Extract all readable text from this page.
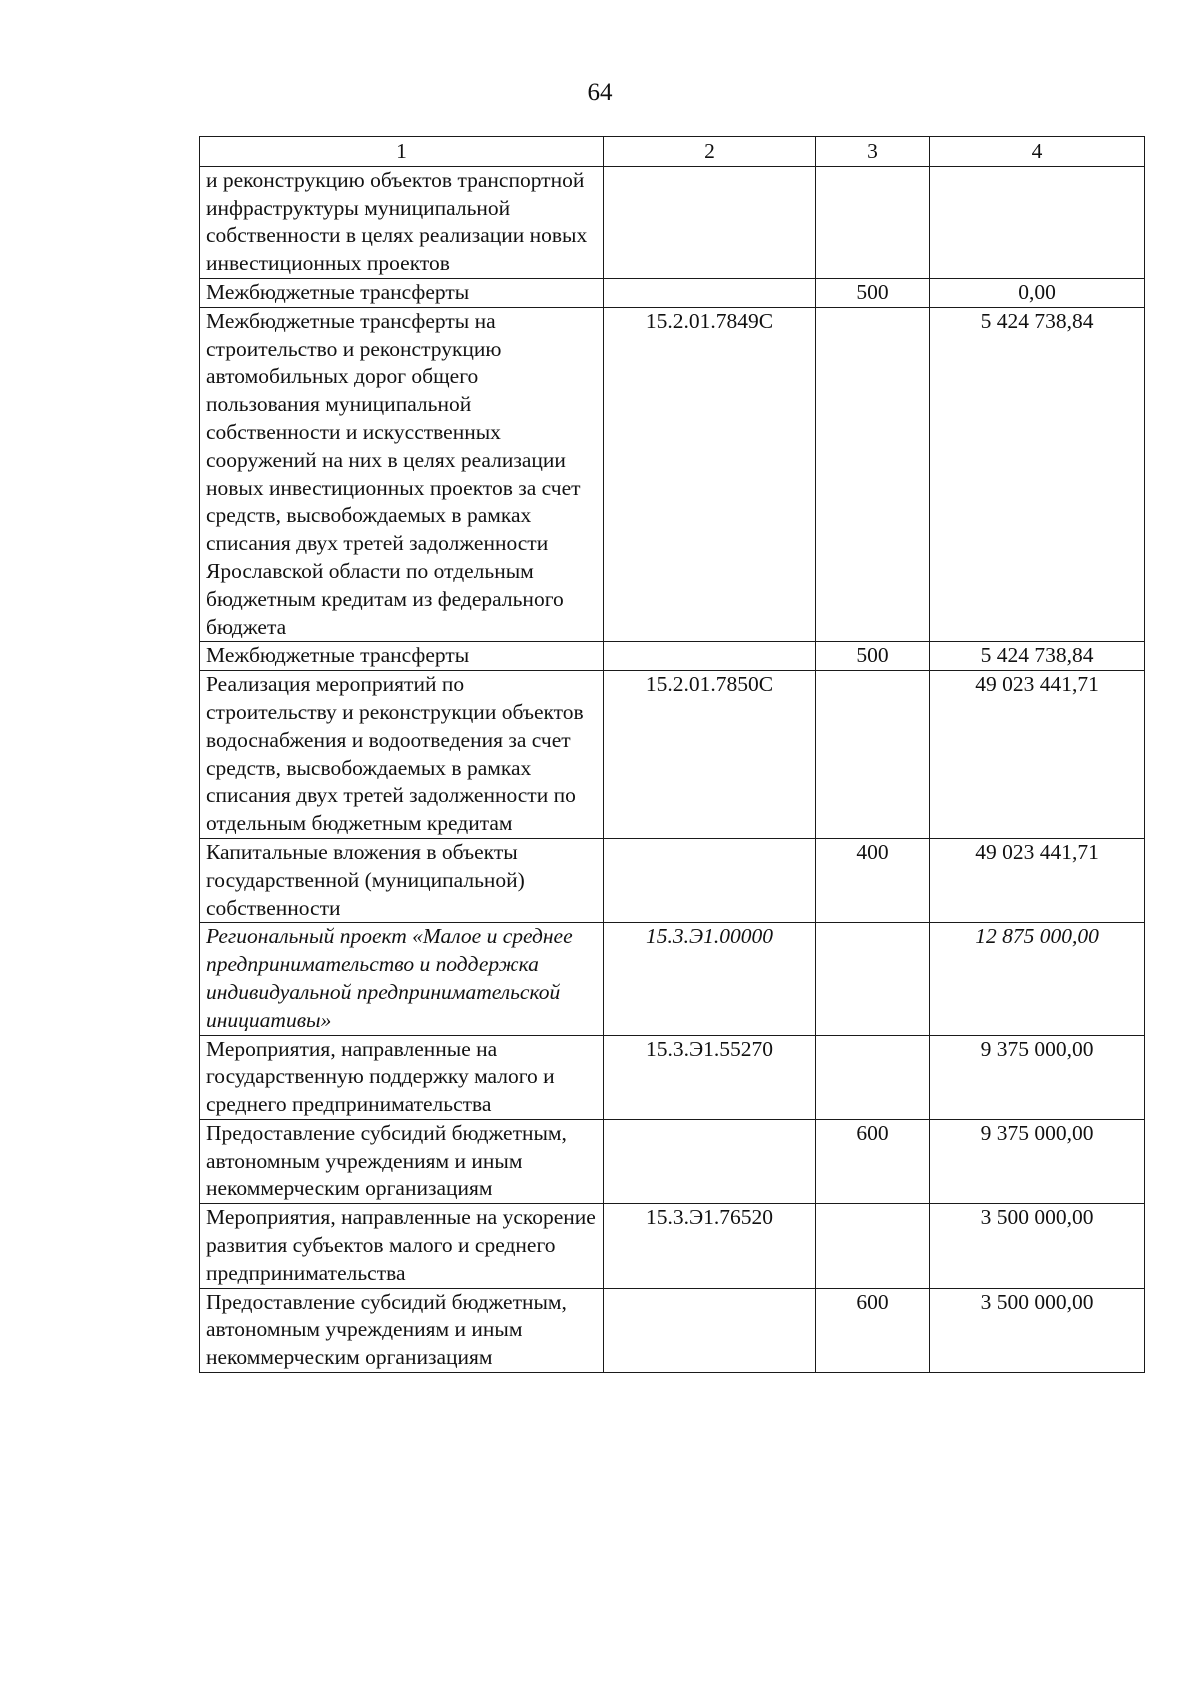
64
1	2	3	4
и реконструкцию объектов транспортной инфраструктуры муниципальной собственности в целях реализации новых инвестиционных проектов			
Межбюджетные трансферты		500	0,00
Межбюджетные трансферты на строительство и реконструкцию автомобильных дорог общего пользования муниципальной собственности и искусственных сооружений на них в целях реализации новых инвестиционных проектов за счет средств, высвобождаемых в рамках списания двух третей задолженности Ярославской области по отдельным бюджетным кредитам из федерального бюджета	15.2.01.7849С		5 424 738,84
Межбюджетные трансферты		500	5 424 738,84
Реализация мероприятий по строительству и реконструкции объектов водоснабжения и водоотведения за счет средств, высвобождаемых в рамках списания двух третей задолженности по отдельным бюджетным кредитам	15.2.01.7850С		49 023 441,71
Капитальные вложения в объекты государственной (муниципальной) собственности		400	49 023 441,71
Региональный проект «Малое и среднее предпринимательство и поддержка индивидуальной предпринимательской инициативы»	15.3.Э1.00000		12 875 000,00
Мероприятия, направленные на государственную поддержку малого и среднего предпринимательства	15.3.Э1.55270		9 375 000,00
Предоставление субсидий бюджетным, автономным учреждениям и иным некоммерческим организациям		600	9 375 000,00
Мероприятия, направленные на ускорение развития субъектов малого и среднего предпринимательства	15.3.Э1.76520		3 500 000,00
Предоставление субсидий бюджетным, автономным учреждениям и иным некоммерческим организациям		600	3 500 000,00
